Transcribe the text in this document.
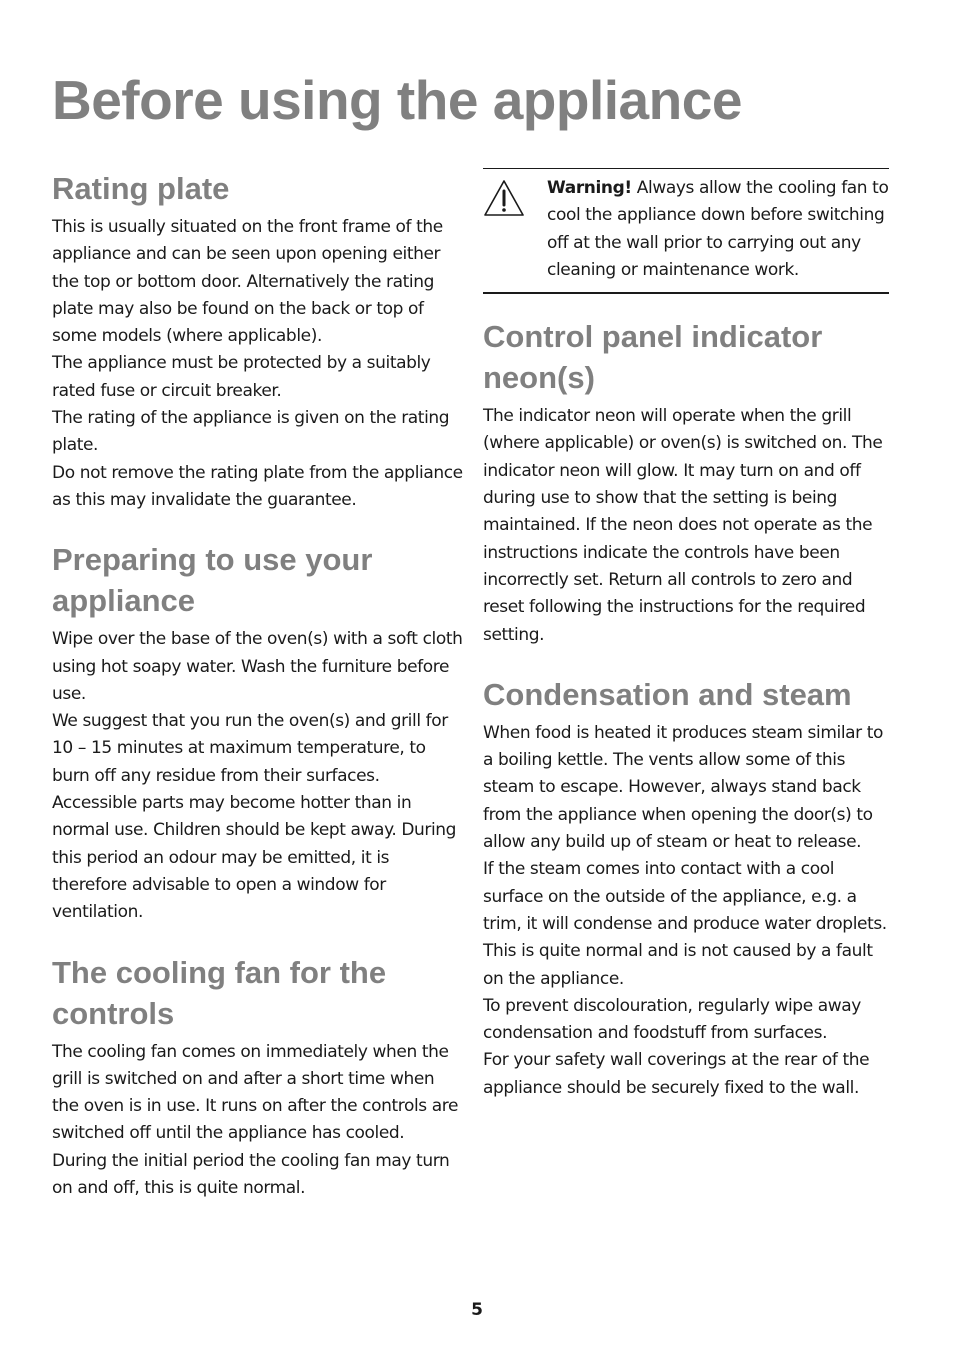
Before using the appliance
Rating plate

This is usually situated on the front frame of the appliance and can be seen upon opening either the top or bottom door. Alternatively the rating plate may also be found on the back or top of some models (where applicable).

The appliance must be protected by a suitably rated fuse or circuit breaker.

The rating of the appliance is given on the rating plate.

Do not remove the rating plate from the appliance as this may invalidate the guarantee.

Preparing to use your appliance

Wipe over the base of the oven(s) with a soft cloth using hot soapy water. Wash the furniture before use.

We suggest that you run the oven(s) and grill for 10 – 15 minutes at maximum temperature, to burn off any residue from their surfaces. Accessible parts may become hotter than in normal use. Children should be kept away. During this period an odour may be emitted, it is therefore advisable to open a window for ventilation.

The cooling fan for the controls

The cooling fan comes on immediately when the grill is switched on and after a short time when the oven is in use. It runs on after the controls are switched off until the appliance has cooled. During the initial period the cooling fan may turn on and off, this is quite normal.

Warning! Always allow the cooling fan to cool the appliance down before switching off at the wall prior to carrying out any cleaning or maintenance work.

Control panel indicator neon(s)

The indicator neon will operate when the grill (where applicable) or oven(s) is switched on. The indicator neon will glow. It may turn on and off during use to show that the setting is being maintained. If the neon does not operate as the instructions indicate the controls have been incorrectly set. Return all controls to zero and reset following the instructions for the required setting.

Condensation and steam

When food is heated it produces steam similar to a boiling kettle. The vents allow some of this steam to escape. However, always stand back from the appliance when opening the door(s) to allow any build up of steam or heat to release.

If the steam comes into contact with a cool surface on the outside of the appliance, e.g. a trim, it will condense and produce water droplets. This is quite normal and is not caused by a fault on the appliance.

To prevent discolouration, regularly wipe away condensation and foodstuff from surfaces.

For your safety wall coverings at the rear of the appliance should be securely fixed to the wall.

5
